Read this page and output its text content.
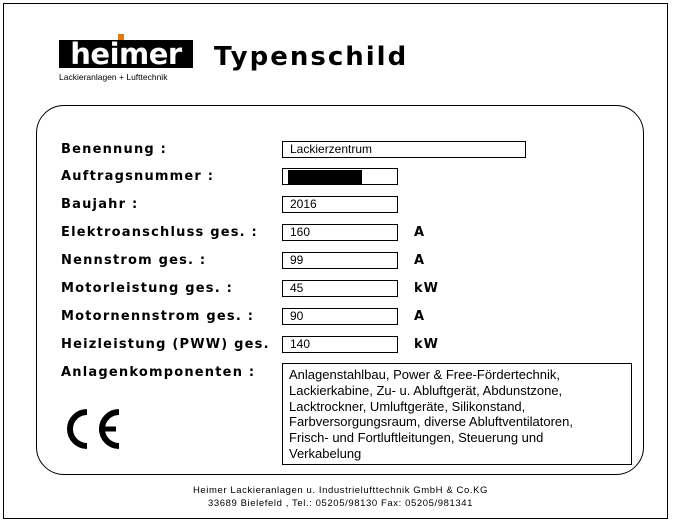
heimer
Lackieranlagen + Lufttechnik
Typenschild
Benennung :	Lackierzentrum
Auftragsnummer :
Baujahr :	2016
Elektroanschluss ges. :	160	A
Nennstrom ges. :	99	A
Motorleistung ges. :	45	kW
Motornennstrom ges. :	90	A
Heizleistung (PWW) ges.	140	kW
Anlagenkomponenten :	Anlagenstahlbau, Power & Free-Fördertechnik,
Lackierkabine, Zu- u. Abluftgerät, Abdunstzone,
Lacktrockner, Umluftgeräte, Silikonstand,
Farbversorgungsraum, diverse Abluftventilatoren,
Frisch- und Fortluftleitungen, Steuerung und
Verkabelung
Heimer Lackieranlagen u. Industrielufttechnik GmbH & Co.KG
33689 Bielefeld , Tel.: 05205/98130 Fax: 05205/981341
